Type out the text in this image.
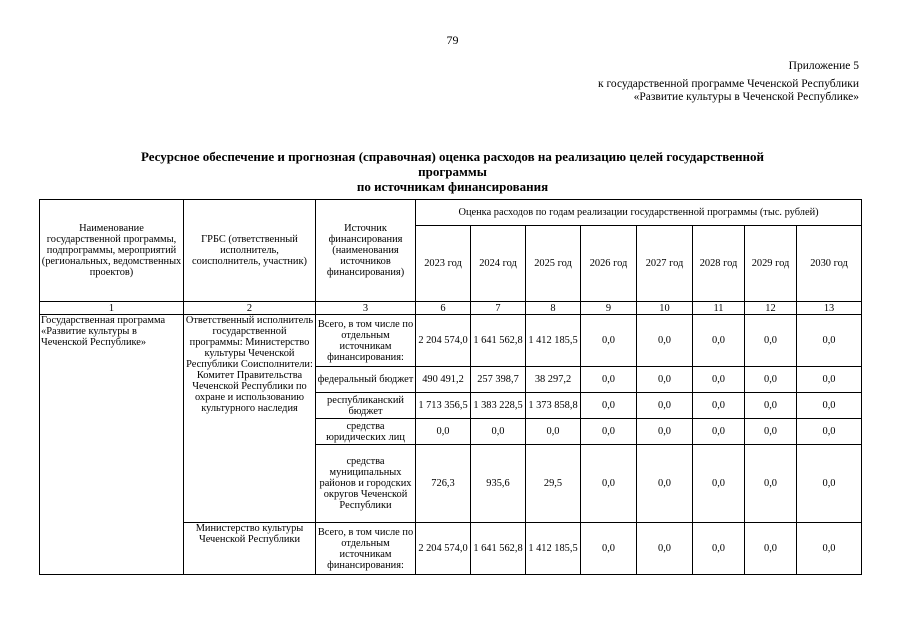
79
Приложение 5
к государственной программе Чеченской Республики
«Развитие культуры в Чеченской Республике»
Ресурсное обеспечение и прогнозная (справочная) оценка расходов на реализацию целей государственной
программы
по источникам финансирования
Наименование государственной программы, подпрограммы, мероприятий (региональных, ведомственных проектов)	ГРБС (ответственный исполнитель, соисполнитель, участник)	Источник финансирования (наименования источников финансирования)	Оценка расходов по годам реализации государственной программы (тыс. рублей)							
			2023 год	2024 год	2025 год	2026 год	2027 год	2028 год	2029 год	2030 год
1	2	3	6	7	8	9	10	11	12	13
Государственная программа «Развитие культуры в Чеченской Республике»	Ответственный исполнитель государственной программы: Министерство культуры Чеченской Республики Соисполнители: Комитет Правительства Чеченской Республики по охране и использованию культурного наследия	Всего, в том числе по отдельным источникам финансирования:	2 204 574,0	1 641 562,8	1 412 185,5	0,0	0,0	0,0	0,0	0,0
		федеральный бюджет	490 491,2	257 398,7	38 297,2	0,0	0,0	0,0	0,0	0,0
		республиканский бюджет	1 713 356,5	1 383 228,5	1 373 858,8	0,0	0,0	0,0	0,0	0,0
		средства юридических лиц	0,0	0,0	0,0	0,0	0,0	0,0	0,0	0,0
		средства муниципальных районов и городских округов Чеченской Республики	726,3	935,6	29,5	0,0	0,0	0,0	0,0	0,0
	Министерство культуры Чеченской Республики	Всего, в том числе по отдельным источникам финансирования:	2 204 574,0	1 641 562,8	1 412 185,5	0,0	0,0	0,0	0,0	0,0
